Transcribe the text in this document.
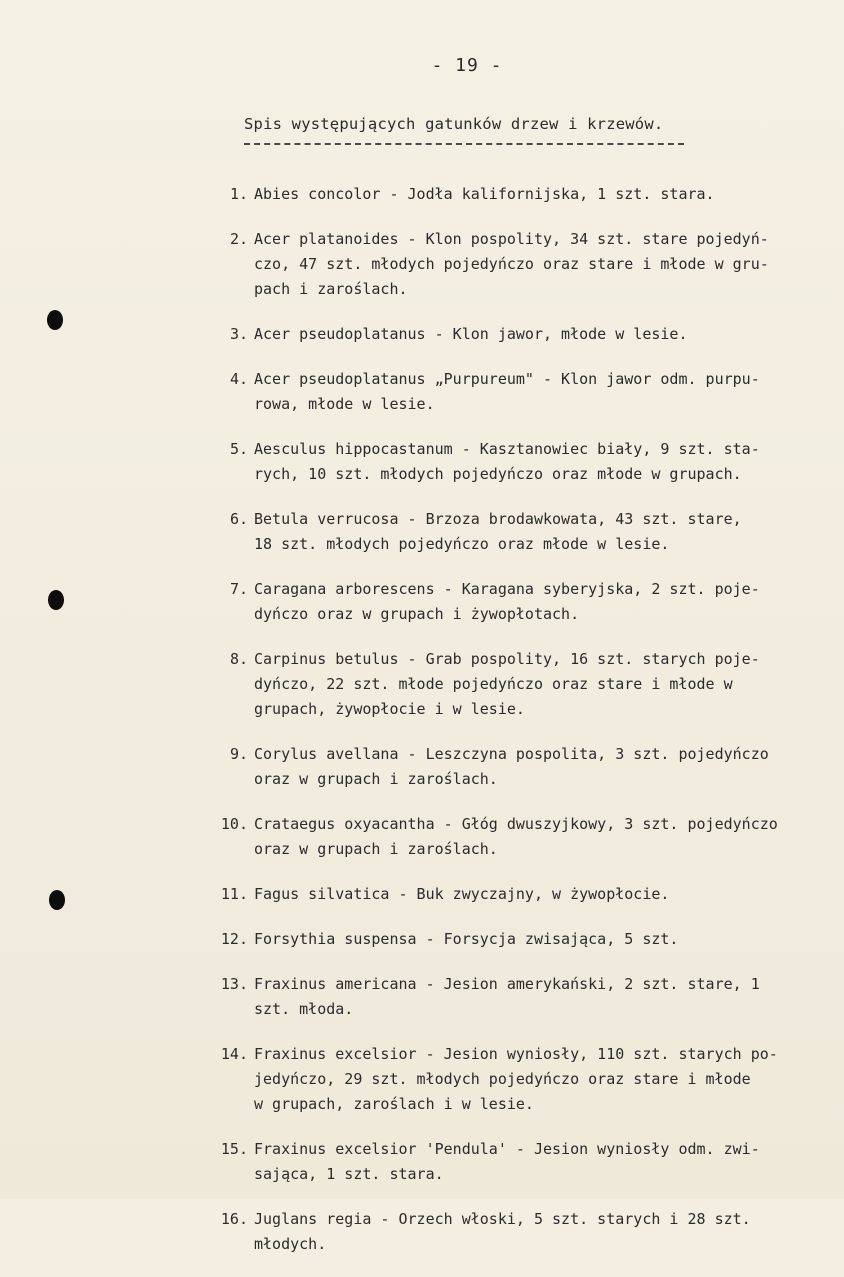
- 19 -
Spis występujących gatunków drzew i krzewów.
1. Abies concolor - Jodła kalifornijska, 1 szt. stara.
2. Acer platanoides - Klon pospolity, 34 szt. stare pojedyń-
czo, 47 szt. młodych pojedyńczo oraz stare i młode w gru-
pach i zaroślach.
3. Acer pseudoplatanus - Klon jawor, młode w lesie.
4. Acer pseudoplatanus „Purpureum" - Klon jawor odm. purpu-
rowa, młode w lesie.
5. Aesculus hippocastanum - Kasztanowiec biały, 9 szt. sta-
rych, 10 szt. młodych pojedyńczo oraz młode w grupach.
6. Betula verrucosa - Brzoza brodawkowata, 43 szt. stare,
18 szt. młodych pojedyńczo oraz młode w lesie.
7. Caragana arborescens - Karagana syberyjska, 2 szt. poje-
dyńczo oraz w grupach i żywopłotach.
8. Carpinus betulus - Grab pospolity, 16 szt. starych poje-
dyńczo, 22 szt. młode pojedyńczo oraz stare i młode w
grupach, żywopłocie i w lesie.
9. Corylus avellana - Leszczyna pospolita, 3 szt. pojedyńczo
oraz w grupach i zaroślach.
10. Crataegus oxyacantha - Głóg dwuszyjkowy, 3 szt. pojedyńczo
oraz w grupach i zaroślach.
11. Fagus silvatica - Buk zwyczajny, w żywopłocie.
12. Forsythia suspensa - Forsycja zwisająca, 5 szt.
13. Fraxinus americana - Jesion amerykański, 2 szt. stare, 1
szt. młoda.
14. Fraxinus excelsior - Jesion wyniosły, 110 szt. starych po-
jedyńczo, 29 szt. młodych pojedyńczo oraz stare i młode
w grupach, zaroślach i w lesie.
15. Fraxinus excelsior 'Pendula' - Jesion wyniosły odm. zwi-
sająca, 1 szt. stara.
16. Juglans regia - Orzech włoski, 5 szt. starych i 28 szt.
młodych.
